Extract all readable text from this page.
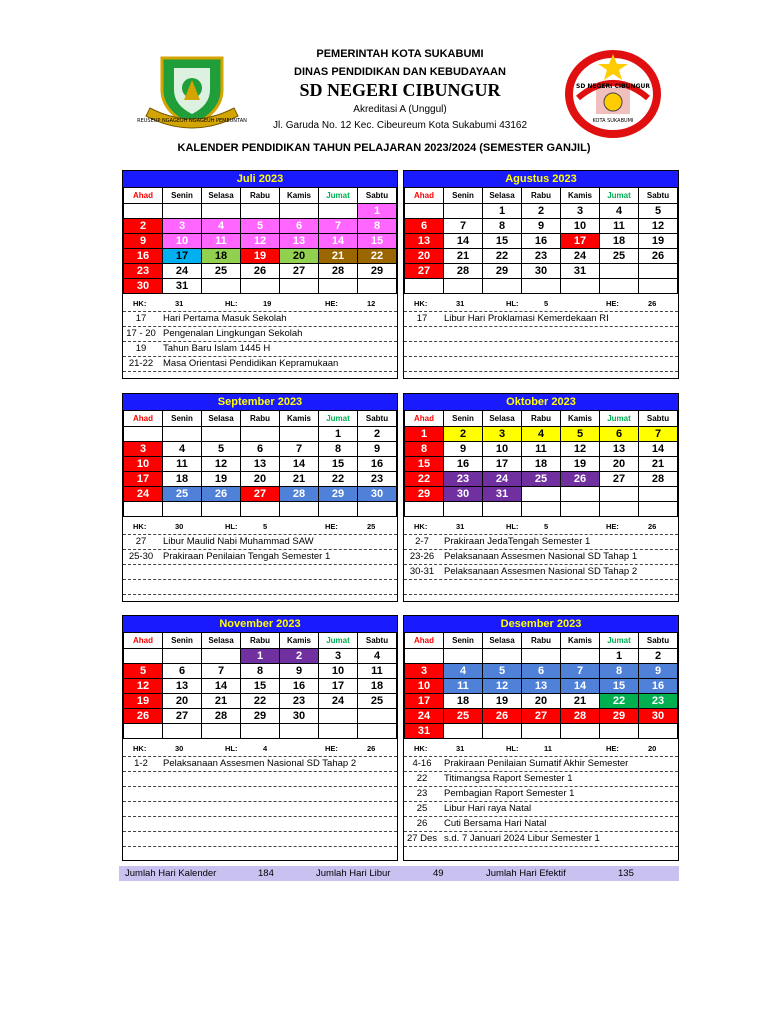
REUSEUP NGAGEUH NGAGEUH PEMEUNTAN
PEMERINTAH KOTA SUKABUMI
DINAS PENDIDIKAN DAN KEBUDAYAAN
SD NEGERI CIBUNGUR
Akreditasi A (Unggul)
Jl. Garuda No. 12 Kec. Cibeureum Kota Sukabumi 43162
SD NEGERI CIBUNGUR
KOTA SUKABUMI
KALENDER PENDIDIKAN TAHUN PELAJARAN 2023/2024 (SEMESTER GANJIL)
Juli 2023
Ahad	Senin	Selasa	Rabu	Kamis	Jumat	Sabtu
						1
2	3	4	5	6	7	8
9	10	11	12	13	14	15
16	17	18	19	20	21	22
23	24	25	26	27	28	29
30	31					
HK:	31	HL:	19	HE:	12
17	Hari Pertama Masuk Sekolah
17 - 20 Pengenalan Lingkungan Sekolah
19	Tahun Baru Islam 1445 H
21-22	Masa Orientasi Pendidikan Kepramukaan
Agustus 2023
Ahad	Senin	Selasa	Rabu	Kamis	Jumat	Sabtu
		1	2	3	4	5
6	7	8	9	10	11	12
13	14	15	16	17	18	19
20	21	22	23	24	25	26
27	28	29	30	31		

HK:	31	HL:	5	HE:	26
17	Libur Hari Proklamasi Kemerdekaan RI
September 2023
Ahad	Senin	Selasa	Rabu	Kamis	Jumat	Sabtu
					1	2
3	4	5	6	7	8	9
10	11	12	13	14	15	16
17	18	19	20	21	22	23
24	25	26	27	28	29	30

HK:	30	HL:	5	HE:	25
27	Libur Maulid Nabi Muhammad SAW
25-30	Prakiraan Penilaian Tengah Semester 1
Oktober 2023
Ahad	Senin	Selasa	Rabu	Kamis	Jumat	Sabtu
1	2	3	4	5	6	7
8	9	10	11	12	13	14
15	16	17	18	19	20	21
22	23	24	25	26	27	28
29	30	31				

HK:	31	HL:	5	HE:	26
2-7	Prakiraan JedaTengah Semester 1
23-26	Pelaksanaan Assesmen Nasional SD Tahap 1
30-31	Pelaksanaan Assesmen Nasional SD Tahap 2
November 2023
Ahad	Senin	Selasa	Rabu	Kamis	Jumat	Sabtu
			1	2	3	4
5	6	7	8	9	10	11
12	13	14	15	16	17	18
19	20	21	22	23	24	25
26	27	28	29	30		

HK:	30	HL:	4	HE:	26
1-2	Pelaksanaan Assesmen Nasional SD Tahap 2
Desember 2023
Ahad	Senin	Selasa	Rabu	Kamis	Jumat	Sabtu
					1	2
3	4	5	6	7	8	9
10	11	12	13	14	15	16
17	18	19	20	21	22	23
24	25	26	27	28	29	30
31						
HK:	31	HL:	11	HE:	20
4-16	Prakiraan Penilaian Sumatif Akhir Semester
22	Titimangsa Raport Semester 1
23	Pembagian Raport Semester 1
25	Libur Hari raya Natal
26	Cuti Bersama Hari Natal
27 Des s.d. 7 Januari 2024 Libur Semester 1
Jumlah Hari Kalender	184	Jumlah Hari Libur	49	Jumlah Hari Efektif	135
